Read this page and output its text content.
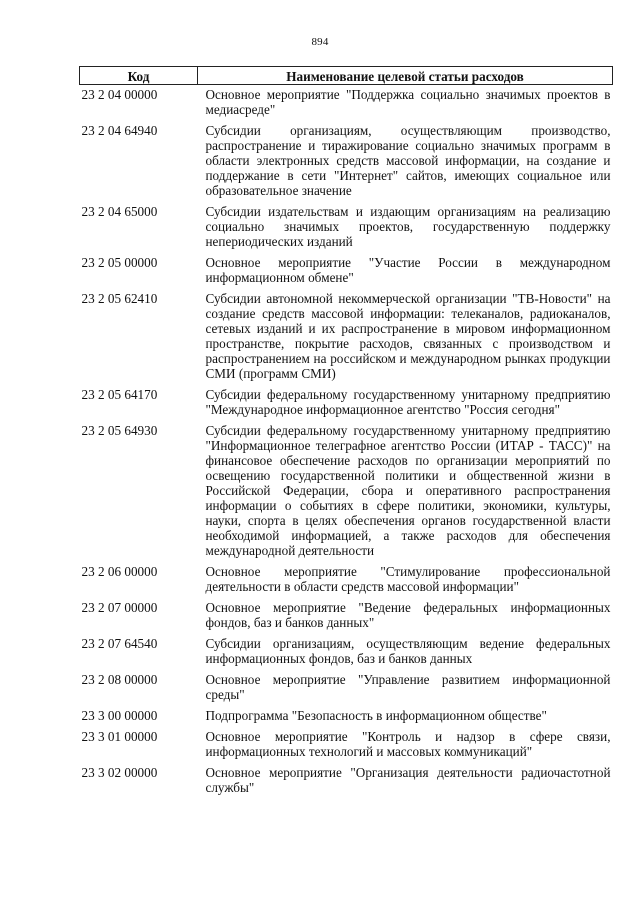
894
Код	Наименование целевой статьи расходов
23 2 04 00000	Основное мероприятие "Поддержка социально значимых проектов в медиасреде"
23 2 04 64940	Субсидии организациям, осуществляющим производство, распространение и тиражирование социально значимых программ в области электронных средств массовой информации, на создание и поддержание в сети "Интернет" сайтов, имеющих социальное или образовательное значение
23 2 04 65000	Субсидии издательствам и издающим организациям на реализацию социально значимых проектов, государственную поддержку непериодических изданий
23 2 05 00000	Основное мероприятие "Участие России в международном информационном обмене"
23 2 05 62410	Субсидии автономной некоммерческой организации "ТВ-Новости" на создание средств массовой информации: телеканалов, радиоканалов, сетевых изданий и их распространение в мировом информационном пространстве, покрытие расходов, связанных с производством и распространением на российском и международном рынках продукции СМИ (программ СМИ)
23 2 05 64170	Субсидии федеральному государственному унитарному предприятию "Международное информационное агентство "Россия сегодня"
23 2 05 64930	Субсидии федеральному государственному унитарному предприятию "Информационное телеграфное агентство России (ИТАР - ТАСС)" на финансовое обеспечение расходов по организации мероприятий по освещению государственной политики и общественной жизни в Российской Федерации, сбора и оперативного распространения информации о событиях в сфере политики, экономики, культуры, науки, спорта в целях обеспечения органов государственной власти необходимой информацией, а также расходов для обеспечения международной деятельности
23 2 06 00000	Основное мероприятие "Стимулирование профессиональной деятельности в области средств массовой информации"
23 2 07 00000	Основное мероприятие "Ведение федеральных информационных фондов, баз и банков данных"
23 2 07 64540	Субсидии организациям, осуществляющим ведение федеральных информационных фондов, баз и банков данных
23 2 08 00000	Основное мероприятие "Управление развитием информационной среды"
23 3 00 00000	Подпрограмма "Безопасность в информационном обществе"
23 3 01 00000	Основное мероприятие "Контроль и надзор в сфере связи, информационных технологий и массовых коммуникаций"
23 3 02 00000	Основное мероприятие "Организация деятельности радиочастотной службы"
